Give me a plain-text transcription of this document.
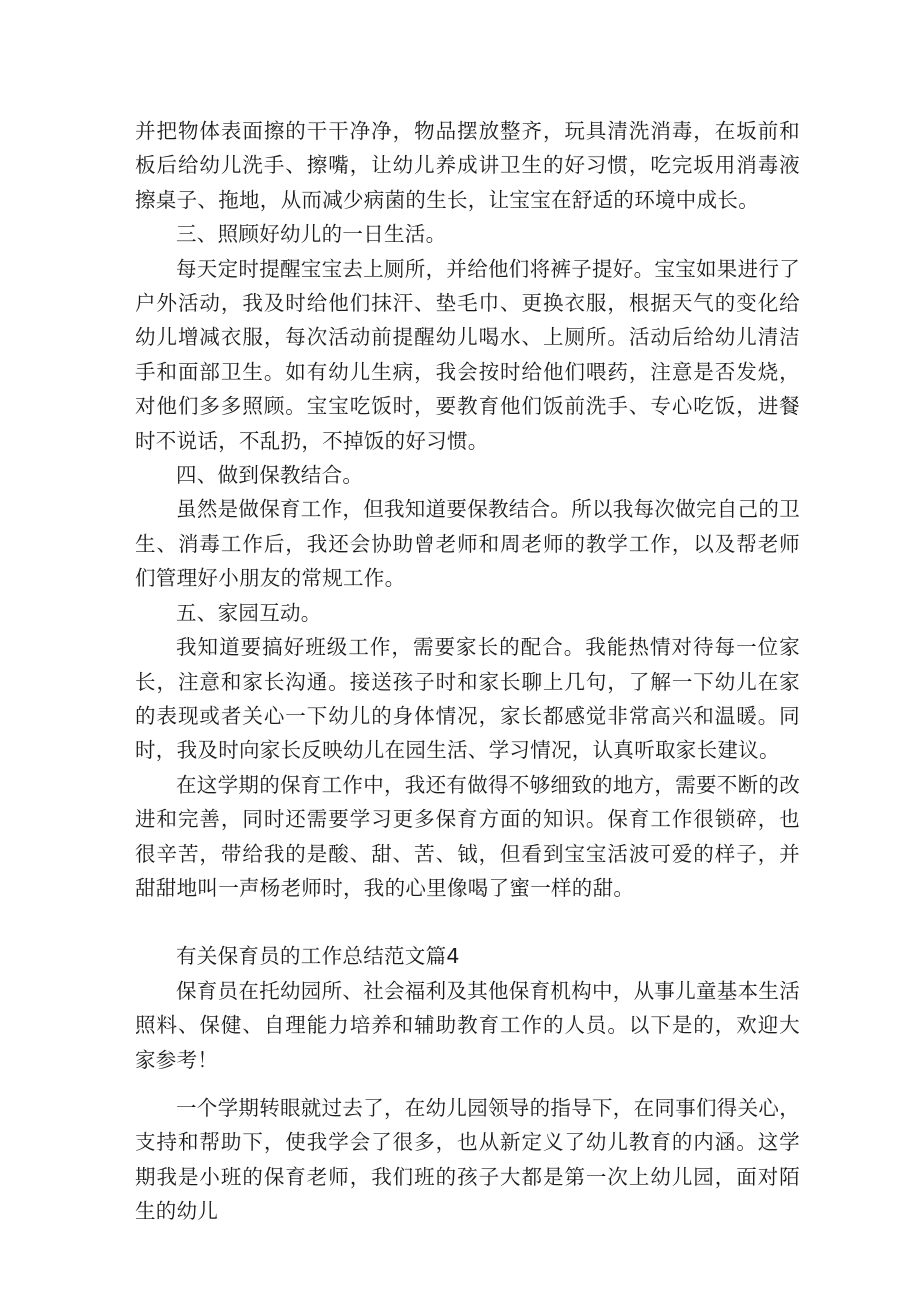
并把物体表面擦的干干净净，物品摆放整齐，玩具清洗消毒，在坂前和板后给幼儿洗手、擦嘴，让幼儿养成讲卫生的好习惯，吃完坂用消毒液擦桌子、拖地，从而减少病菌的生长，让宝宝在舒适的环境中成长。

三、照顾好幼儿的一日生活。

每天定时提醒宝宝去上厕所，并给他们将裤子提好。宝宝如果进行了户外活动，我及时给他们抹汗、垫毛巾、更换衣服，根据天气的变化给幼儿增减衣服，每次活动前提醒幼儿喝水、上厕所。活动后给幼儿清洁手和面部卫生。如有幼儿生病，我会按时给他们喂药，注意是否发烧，对他们多多照顾。宝宝吃饭时，要教育他们饭前洗手、专心吃饭，进餐时不说话，不乱扔，不掉饭的好习惯。

四、做到保教结合。

虽然是做保育工作，但我知道要保教结合。所以我每次做完自己的卫生、消毒工作后，我还会协助曾老师和周老师的教学工作，以及帮老师们管理好小朋友的常规工作。

五、家园互动。

我知道要搞好班级工作，需要家长的配合。我能热情对待每一位家长，注意和家长沟通。接送孩子时和家长聊上几句，了解一下幼儿在家的表现或者关心一下幼儿的身体情况，家长都感觉非常高兴和温暖。同时，我及时向家长反映幼儿在园生活、学习情况，认真听取家长建议。

在这学期的保育工作中，我还有做得不够细致的地方，需要不断的改进和完善，同时还需要学习更多保育方面的知识。保育工作很锁碎，也很辛苦，带给我的是酸、甜、苦、钺，但看到宝宝活波可爱的样子，并甜甜地叫一声杨老师时，我的心里像喝了蜜一样的甜。

有关保育员的工作总结范文篇4

保育员在托幼园所、社会福利及其他保育机构中，从事儿童基本生活照料、保健、自理能力培养和辅助教育工作的人员。以下是的，欢迎大家参考！

一个学期转眼就过去了，在幼儿园领导的指导下，在同事们得关心，支持和帮助下，使我学会了很多，也从新定义了幼儿教育的内涵。这学期我是小班的保育老师，我们班的孩子大都是第一次上幼儿园，面对陌生的幼儿
